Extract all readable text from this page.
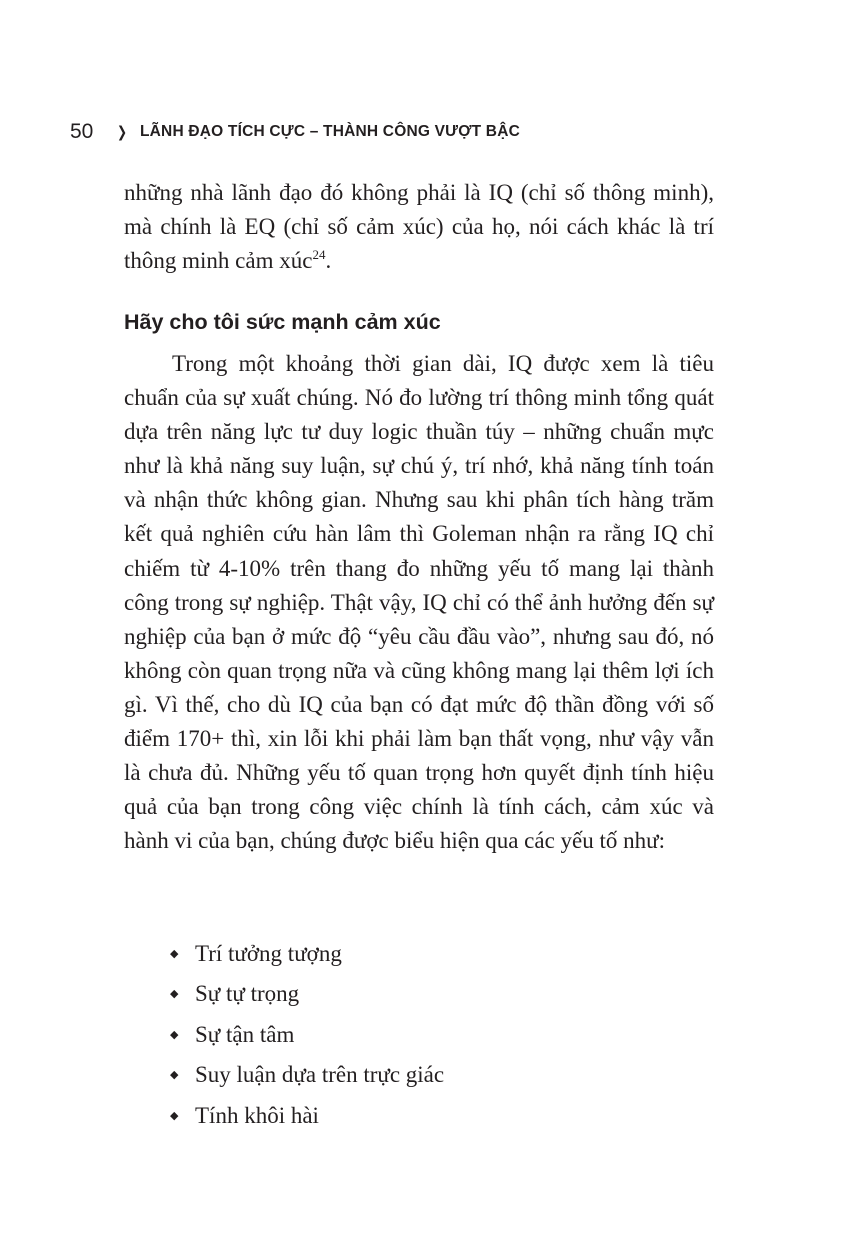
50	❯ LÃNH ĐẠO TÍCH CỰC – THÀNH CÔNG VƯỢT BẬC

những nhà lãnh đạo đó không phải là IQ (chỉ số thông minh), mà chính là EQ (chỉ số cảm xúc) của họ, nói cách khác là trí thông minh cảm xúc$^{24}$.

Hãy cho tôi sức mạnh cảm xúc

Trong một khoảng thời gian dài, IQ được xem là tiêu chuẩn của sự xuất chúng. Nó đo lường trí thông minh tổng quát dựa trên năng lực tư duy logic thuần túy – những chuẩn mực như là khả năng suy luận, sự chú ý, trí nhớ, khả năng tính toán và nhận thức không gian. Nhưng sau khi phân tích hàng trăm kết quả nghiên cứu hàn lâm thì Goleman nhận ra rằng IQ chỉ chiếm từ 4-10% trên thang đo những yếu tố mang lại thành công trong sự nghiệp. Thật vậy, IQ chỉ có thể ảnh hưởng đến sự nghiệp của bạn ở mức độ “yêu cầu đầu vào”, nhưng sau đó, nó không còn quan trọng nữa và cũng không mang lại thêm lợi ích gì. Vì thế, cho dù IQ của bạn có đạt mức độ thần đồng với số điểm 170+ thì, xin lỗi khi phải làm bạn thất vọng, như vậy vẫn là chưa đủ. Những yếu tố quan trọng hơn quyết định tính hiệu quả của bạn trong công việc chính là tính cách, cảm xúc và hành vi của bạn, chúng được biểu hiện qua các yếu tố như:

◆ Trí tưởng tượng
◆ Sự tự trọng
◆ Sự tận tâm
◆ Suy luận dựa trên trực giác
◆ Tính khôi hài
